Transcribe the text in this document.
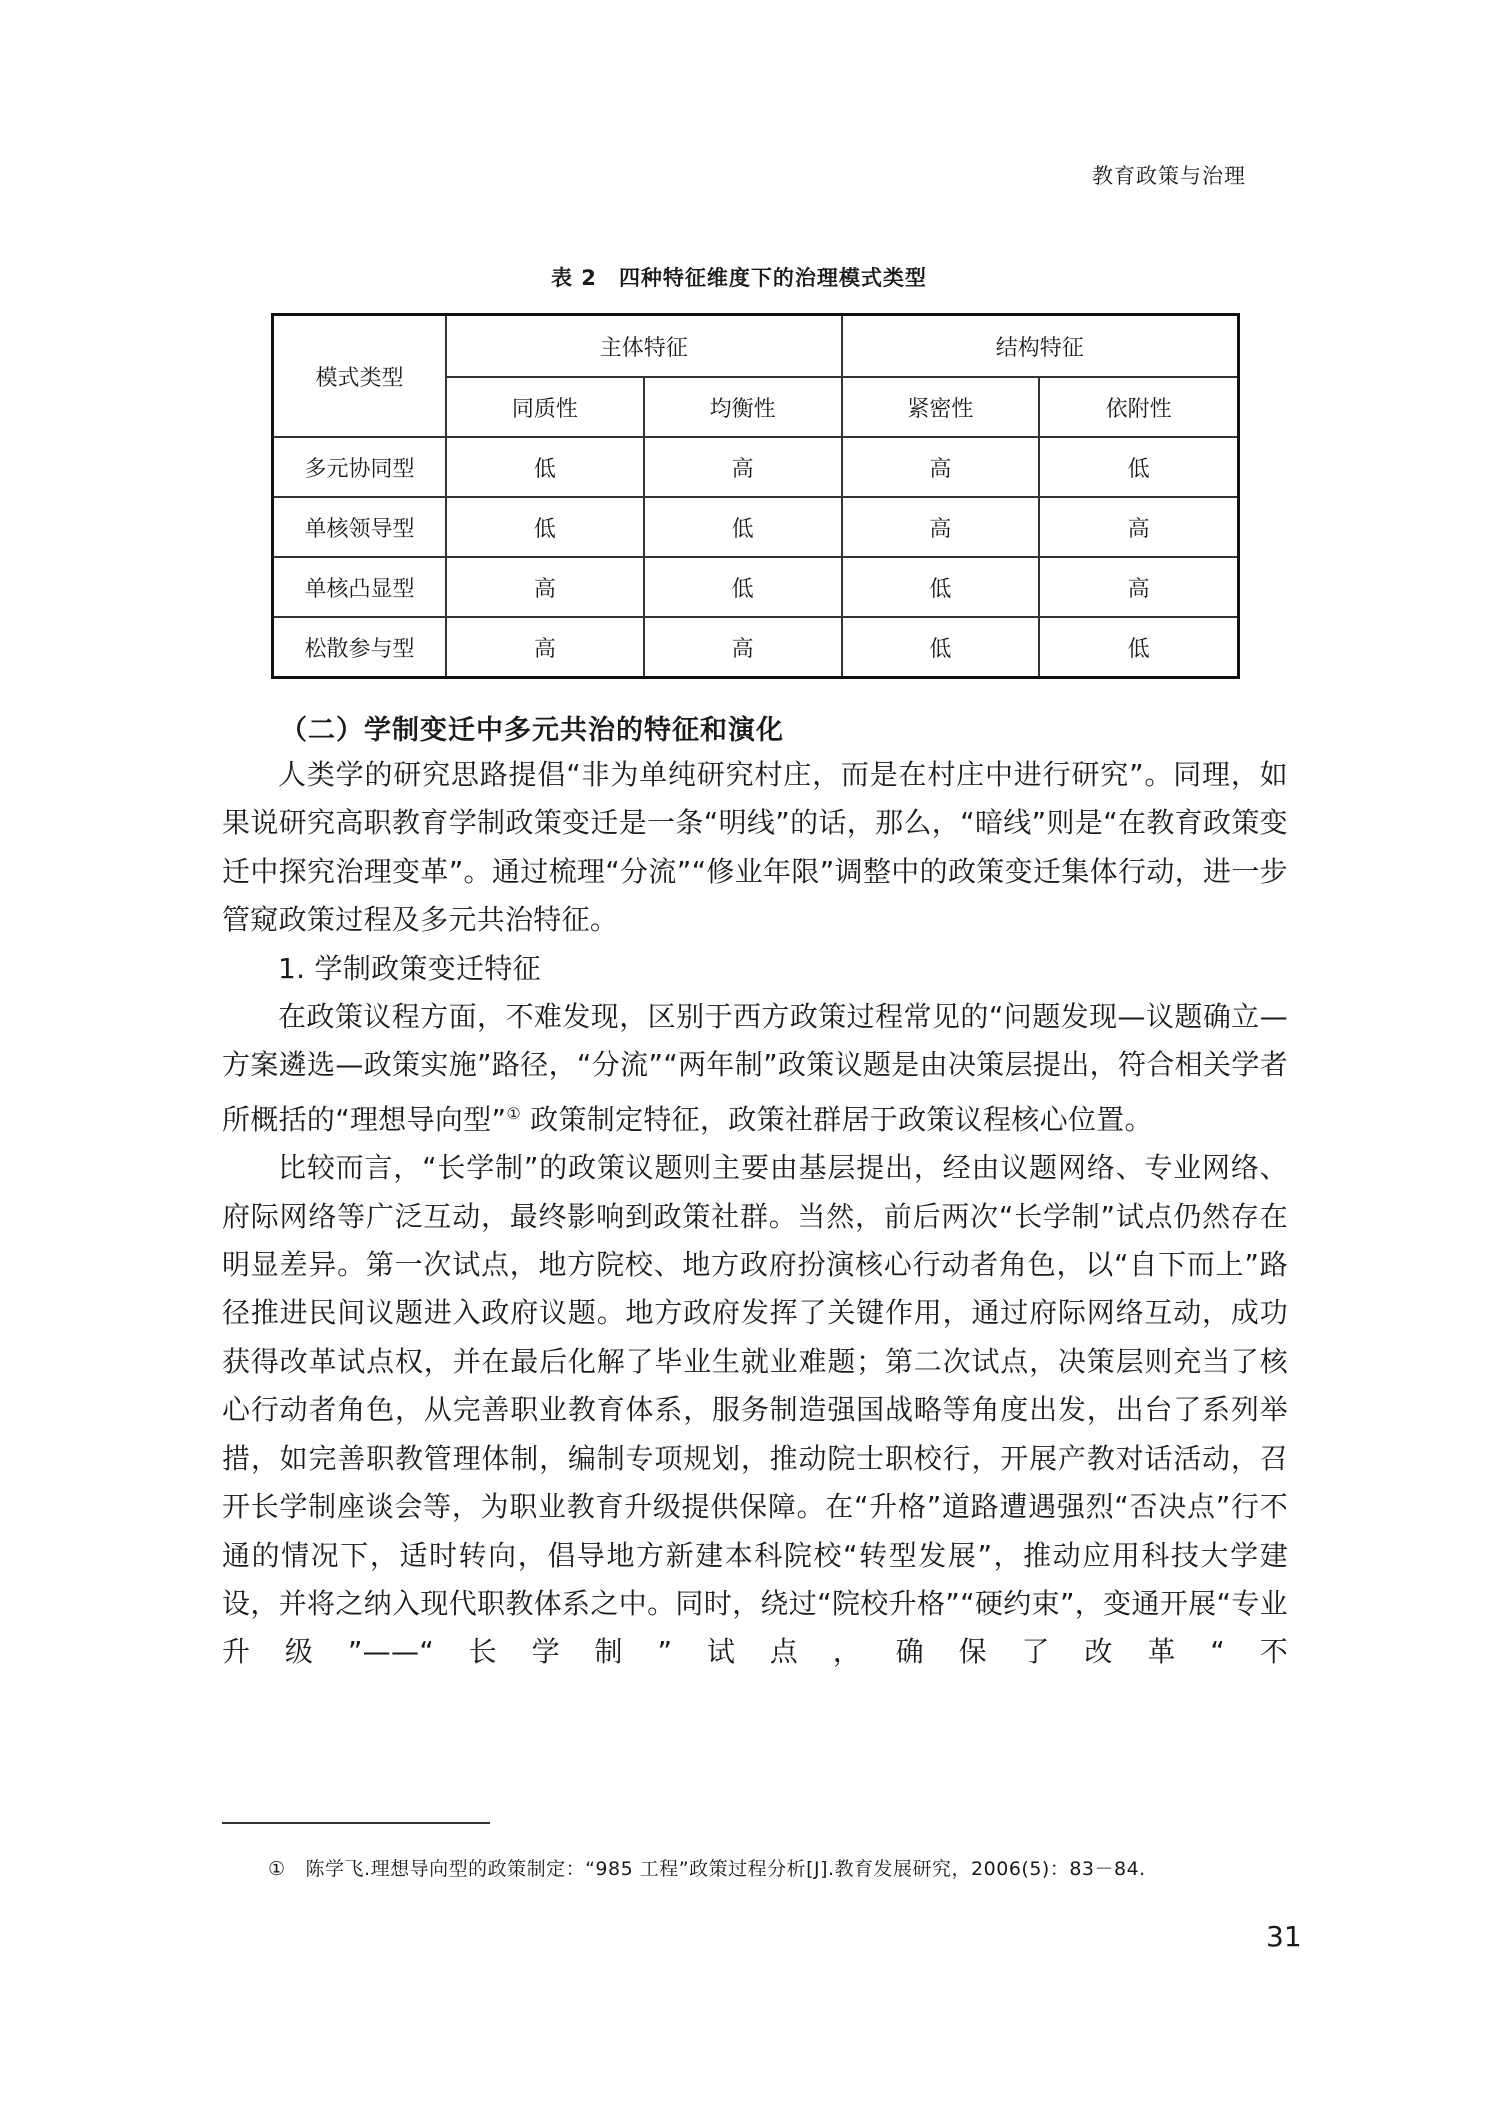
教育政策与治理
表 2 四种特征维度下的治理模式类型
模式类型	主体特征		结构特征	
	同质性	均衡性	紧密性	依附性
多元协同型	低	高	高	低
单核领导型	低	低	高	高
单核凸显型	高	低	低	高
松散参与型	高	高	低	低
（二）学制变迁中多元共治的特征和演化

人类学的研究思路提倡“非为单纯研究村庄，而是在村庄中进行研究”。同理，如果说研究高职教育学制政策变迁是一条“明线”的话，那么，“暗线”则是“在教育政策变迁中探究治理变革”。通过梳理“分流”“修业年限”调整中的政策变迁集体行动，进一步管窥政策过程及多元共治特征。

1. 学制政策变迁特征

在政策议程方面，不难发现，区别于西方政策过程常见的“问题发现—议题确立—方案遴选—政策实施”路径，“分流”“两年制”政策议题是由决策层提出，符合相关学者所概括的“理想导向型”① 政策制定特征，政策社群居于政策议程核心位置。

比较而言，“长学制”的政策议题则主要由基层提出，经由议题网络、专业网络、府际网络等广泛互动，最终影响到政策社群。当然，前后两次“长学制”试点仍然存在明显差异。第一次试点，地方院校、地方政府扮演核心行动者角色，以“自下而上”路径推进民间议题进入政府议题。地方政府发挥了关键作用，通过府际网络互动，成功获得改革试点权，并在最后化解了毕业生就业难题；第二次试点，决策层则充当了核心行动者角色，从完善职业教育体系，服务制造强国战略等角度出发，出台了系列举措，如完善职教管理体制，编制专项规划，推动院士职校行，开展产教对话活动，召开长学制座谈会等，为职业教育升级提供保障。在“升格”道路遭遇强烈“否决点”行不通的情况下，适时转向，倡导地方新建本科院校“转型发展”，推动应用科技大学建设，并将之纳入现代职教体系之中。同时，绕过“院校升格”“硬约束”，变通开展“专业升级”——“长学制”试点，确保了改革“不

① 陈学飞.理想导向型的政策制定：“985 工程”政策过程分析[J].教育发展研究，2006(5)：83－84.
31
